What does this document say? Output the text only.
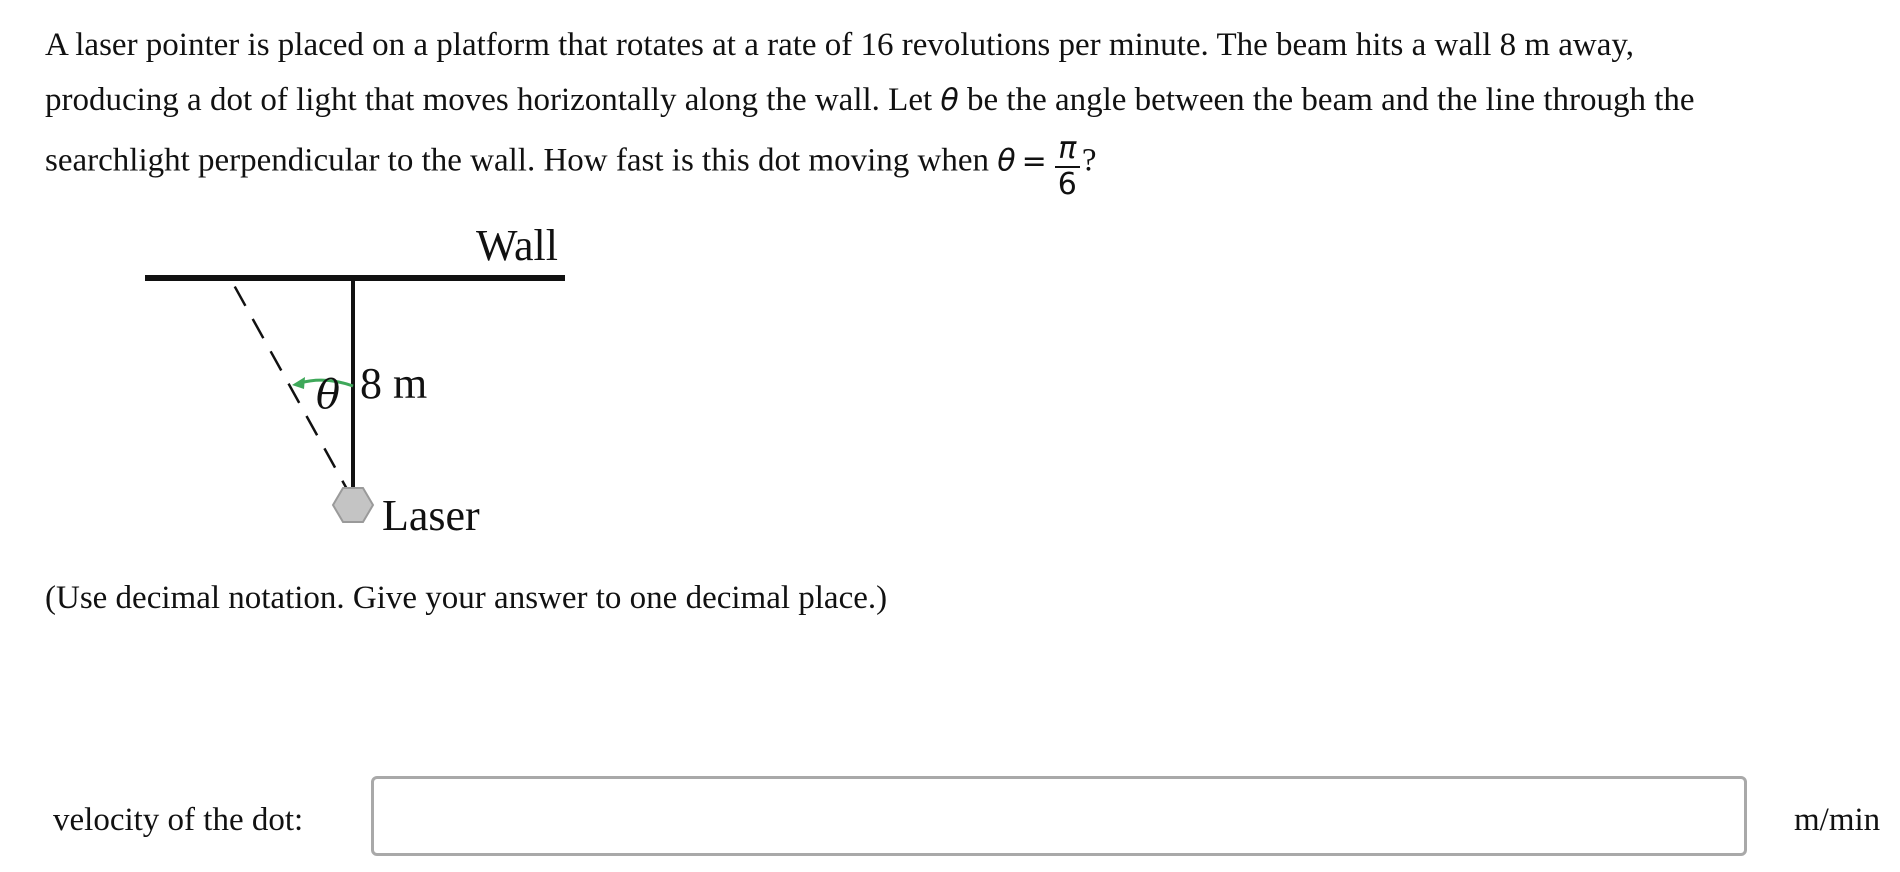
A laser pointer is placed on a platform that rotates at a rate of 16 revolutions per minute. The beam hits a wall 8 m away,
producing a dot of light that moves horizontally along the wall. Let θ be the angle between the beam and the line through the
searchlight perpendicular to the wall. How fast is this dot moving when $\theta = \frac{\pi}{6}$ ?
Wall
8 m
θ
Laser
(Use decimal notation. Give your answer to one decimal place.)
velocity of the dot:	m/min
